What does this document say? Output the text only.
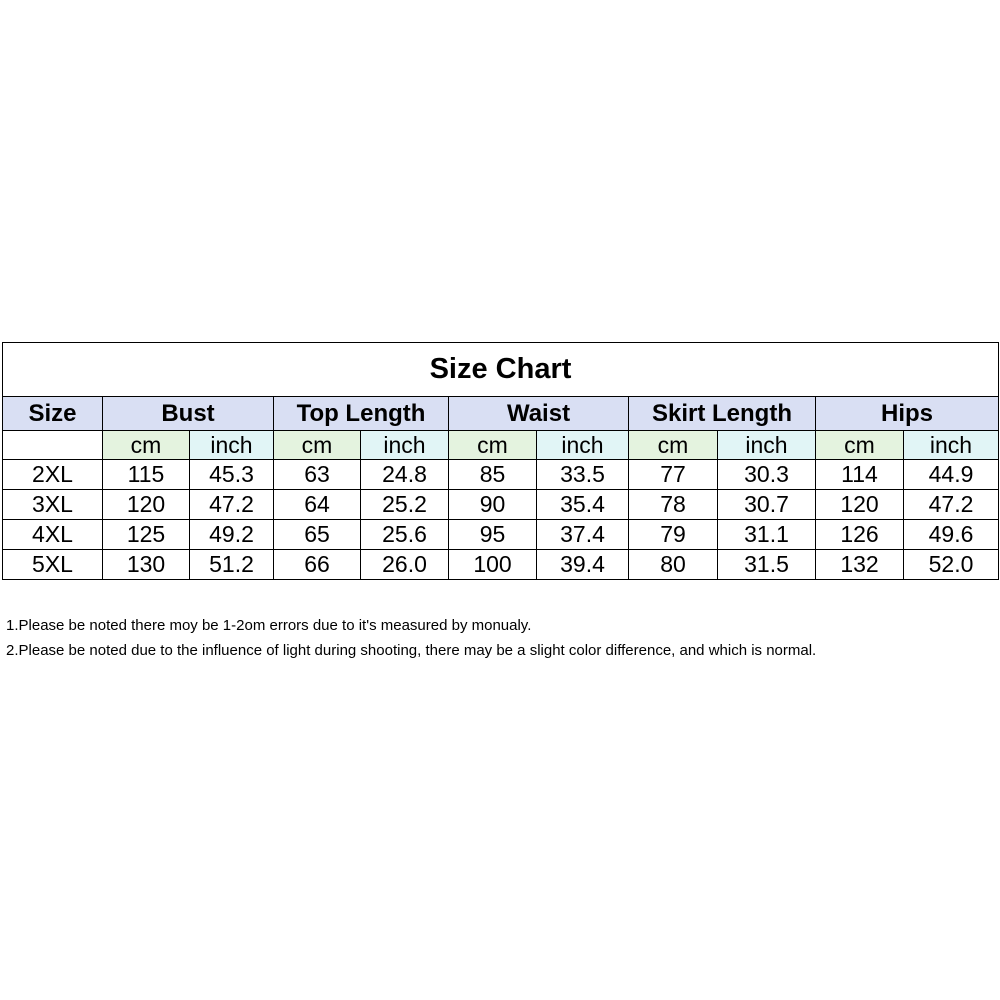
Size Chart										
Size	Bust		Top Length		Waist		Skirt Length		Hips	
	cm	inch	cm	inch	cm	inch	cm	inch	cm	inch
2XL	115	45.3	63	24.8	85	33.5	77	30.3	114	44.9
3XL	120	47.2	64	25.2	90	35.4	78	30.7	120	47.2
4XL	125	49.2	65	25.6	95	37.4	79	31.1	126	49.6
5XL	130	51.2	66	26.0	100	39.4	80	31.5	132	52.0

1.Please be noted there moy be 1-2om errors due to it's measured by monualy.

2.Please be noted due to the influence of light during shooting, there may be a slight color difference, and which is normal.
